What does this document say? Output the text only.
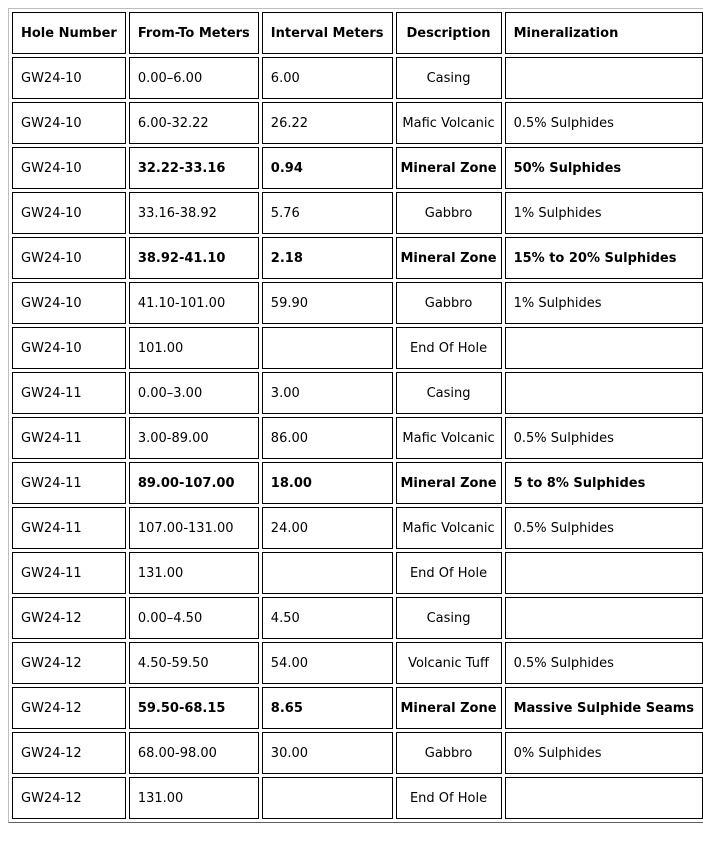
Hole Number	From-To Meters	Interval Meters	Description	Mineralization
GW24-10	0.00–6.00	6.00	Casing	
GW24-10	6.00-32.22	26.22	Mafic Volcanic	0.5% Sulphides
GW24-10	32.22-33.16	0.94	Mineral Zone	50% Sulphides
GW24-10	33.16-38.92	5.76	Gabbro	1% Sulphides
GW24-10	38.92-41.10	2.18	Mineral Zone	15% to 20% Sulphides
GW24-10	41.10-101.00	59.90	Gabbro	1% Sulphides
GW24-10	101.00		End Of Hole	
GW24-11	0.00–3.00	3.00	Casing	
GW24-11	3.00-89.00	86.00	Mafic Volcanic	0.5% Sulphides
GW24-11	89.00-107.00	18.00	Mineral Zone	5 to 8% Sulphides
GW24-11	107.00-131.00	24.00	Mafic Volcanic	0.5% Sulphides
GW24-11	131.00		End Of Hole	
GW24-12	0.00–4.50	4.50	Casing	
GW24-12	4.50-59.50	54.00	Volcanic Tuff	0.5% Sulphides
GW24-12	59.50-68.15	8.65	Mineral Zone	Massive Sulphide Seams
GW24-12	68.00-98.00	30.00	Gabbro	0% Sulphides
GW24-12	131.00		End Of Hole	
